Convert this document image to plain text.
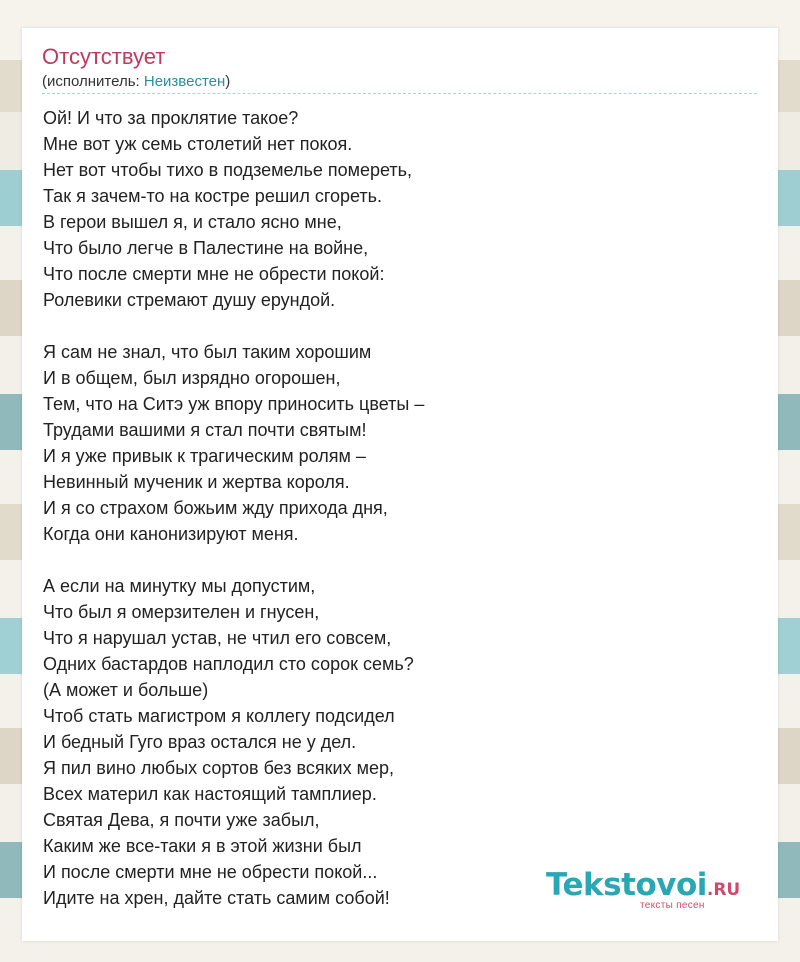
Отсутствует
(исполнитель: Неизвестен)
Ой! И что за проклятие такое?
Мне вот уж семь столетий нет покоя.
Нет вот чтобы тихо в подземелье помереть,
Так я зачем-то на костре решил сгореть.
В герои вышел я, и стало ясно мне,
Что было легче в Палестине на войне,
Что после смерти мне не обрести покой:
Ролевики стремают душу ерундой.
Я сам не знал, что был таким хорошим
И в общем, был изрядно огорошен,
Тем, что на Ситэ уж впору приносить цветы –
Трудами вашими я стал почти святым!
И я уже привык к трагическим ролям –
Невинный мученик и жертва короля.
И я со страхом божьим жду прихода дня,
Когда они канонизируют меня.
А если на минутку мы допустим,
Что был я омерзителен и гнусен,
Что я нарушал устав, не чтил его совсем,
Одних бастардов наплодил сто сорок семь?
(А может и больше)
Чтоб стать магистром я коллегу подсидел
И бедный Гуго враз остался не у дел.
Я пил вино любых сортов без всяких мер,
Всех материл как настоящий тамплиер.
Святая Дева, я почти уже забыл,
Каким же все-таки я в этой жизни был
И после смерти мне не обрести покой...
Идите на хрен, дайте стать самим собой!	Tekstovoi.RU
тексты песен
